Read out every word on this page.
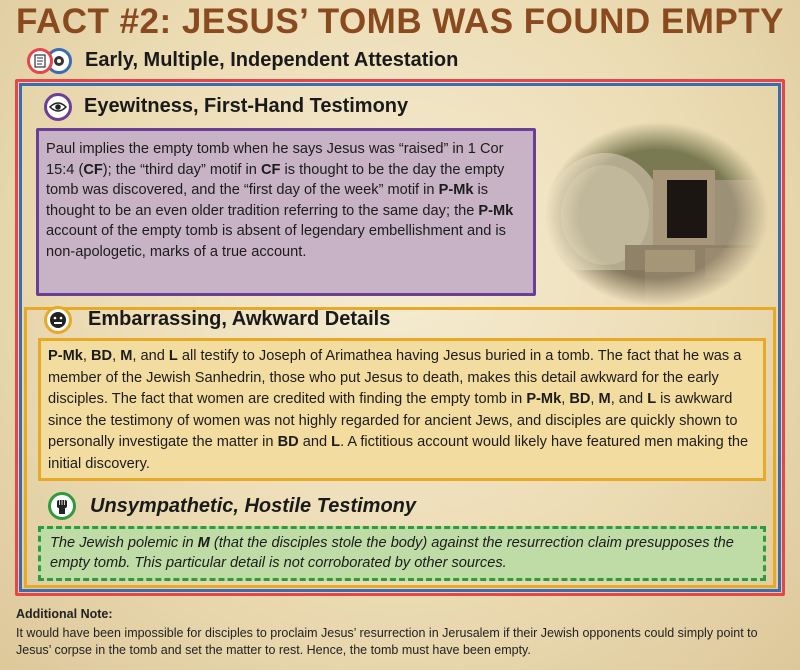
FACT #2: JESUS’ TOMB WAS FOUND EMPTY
Early, Multiple, Independent Attestation
Eyewitness, First-Hand Testimony
Paul implies the empty tomb when he says Jesus was “raised” in 1 Cor 15:4 (CF); the “third day” motif in CF is thought to be the day the empty tomb was discovered, and the “first day of the week” motif in P-Mk is thought to be an even older tradition referring to the same day; the P-Mk account of the empty tomb is absent of legendary embellishment and is non-apologetic, marks of a true account.
Embarrassing, Awkward Details
P-Mk, BD, M, and L all testify to Joseph of Arimathea having Jesus buried in a tomb. The fact that he was a member of the Jewish Sanhedrin, those who put Jesus to death, makes this detail awkward for the early disciples. The fact that women are credited with finding the empty tomb in P-Mk, BD, M, and L is awkward since the testimony of women was not highly regarded for ancient Jews, and disciples are quickly shown to personally investigate the matter in BD and L. A fictitious account would likely have featured men making the initial discovery.
Unsympathetic, Hostile Testimony
The Jewish polemic in M (that the disciples stole the body) against the resurrection claim presupposes the empty tomb. This particular detail is not corroborated by other sources.
Additional Note:
It would have been impossible for disciples to proclaim Jesus’ resurrection in Jerusalem if their Jewish opponents could simply point to Jesus’ corpse in the tomb and set the matter to rest. Hence, the tomb must have been empty.
